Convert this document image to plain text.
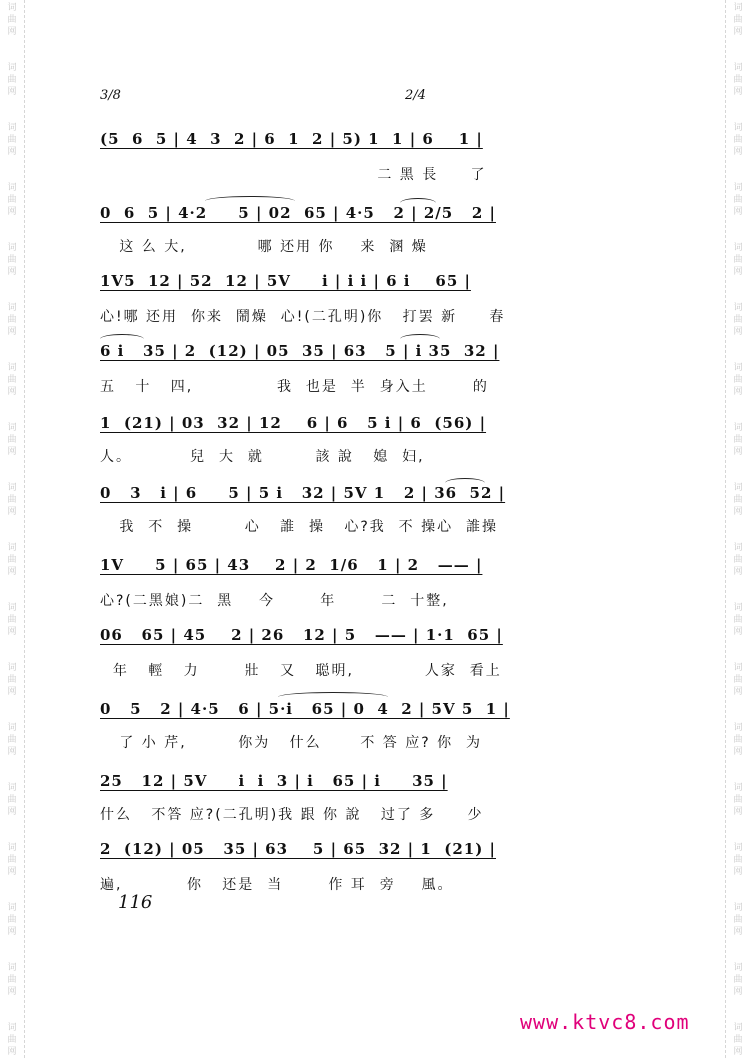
词曲网
词曲网
词曲网
词曲网
词曲网
词曲网
词曲网
词曲网
词曲网
词曲网
词曲网
词曲网
词曲网
词曲网
词曲网
词曲网
词曲网
词曲网
词曲网
词曲网
词曲网
词曲网
词曲网
词曲网
词曲网
词曲网
词曲网
词曲网
词曲网
词曲网
词曲网
词曲网
词曲网
词曲网
词曲网
词曲网
3/8	2/4
(5  6  5 | 4  3  2 | 6  1  2 | 5) 1  1 | 6    1 |
二 黑 長     了
0  6  5 | 4·2     5 | 02  65 | 4·5   2 | 2/5   2 |
这 么 大,           哪 还用 你    来  溷 燥
1V5  12 | 52  12 | 5V     i | i i | 6 i    65 |
心!哪 还用  你来  鬧燥  心!(二孔明)你   打罢 新     春
6 i   35 | 2  (12) | 05  35 | 63   5 | i 35  32 |
五   十   四,             我  也是  半  身入土       的
1  (21) | 03  32 | 12    6 | 6   5 i | 6  (56) |
人。         兒  大  就        該 說   媳  妇,
0   3   i | 6     5 | 5 i   32 | 5V 1   2 | 36  52 |
我  不  操        心   誰  操   心?我  不 操心  誰操
1V     5 | 65 | 43    2 | 2  1/6   1 | 2   —— |
心?(二黑娘)二  黑    今       年       二  十整,
06   65 | 45    2 | 26   12 | 5   —— | 1·1  65 |
年   輕   力       壯   又   聪明,           人家  看上
0   5   2 | 4·5   6 | 5·i   65 | 0  4  2 | 5V 5  1 |
了 小 芹,        你为   什么      不 答 应? 你  为
25   12 | 5V     i  i  3 | i   65 | i     35 |
什么   不答 应?(二孔明)我 跟 你 說   过了 多     少
2  (12) | 05   35 | 63    5 | 65  32 | 1  (21) |
遍,          你   还是  当       作 耳  旁    風。
116
www.ktvc8.com
